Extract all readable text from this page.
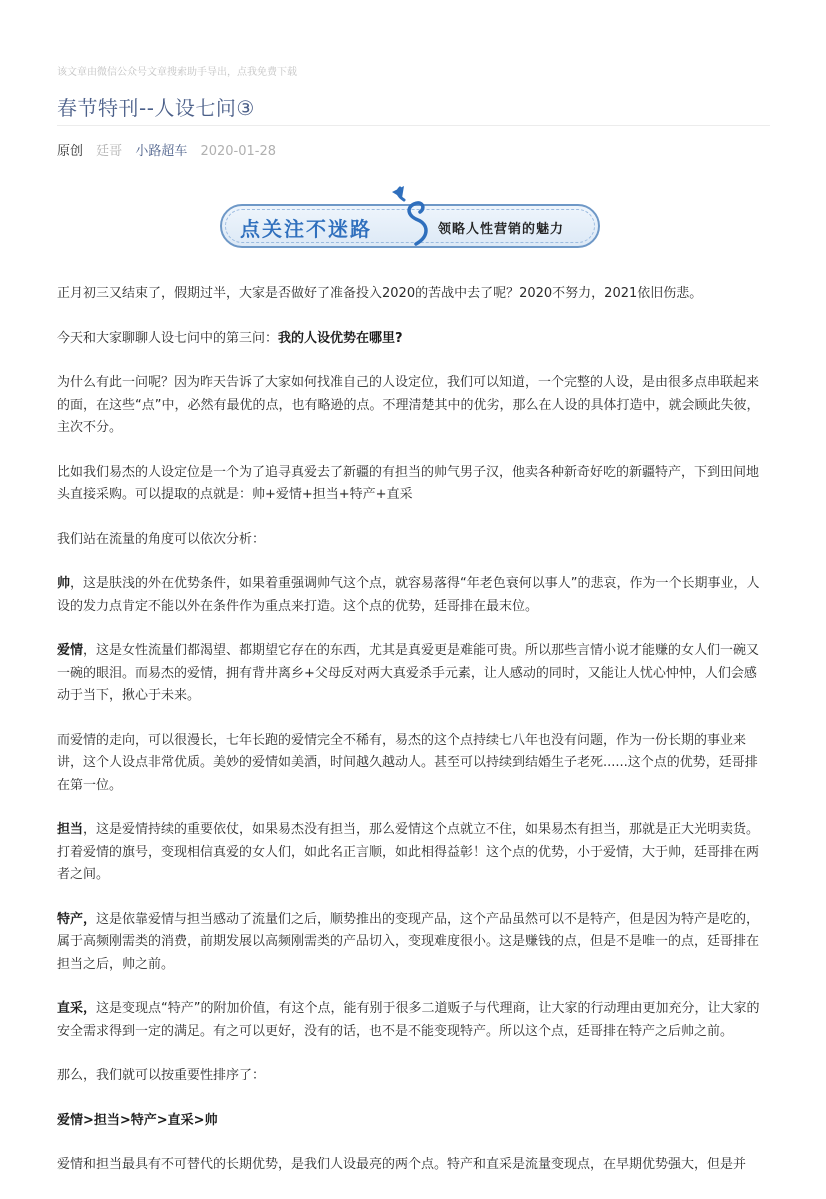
该文章由微信公众号文章搜索助手导出，点我免费下载
春节特刊--人设七问③
原创 廷哥 小路超车 2020-01-28
点关注不迷路	领略人性营销的魅力

正月初三又结束了，假期过半，大家是否做好了准备投入2020的苦战中去了呢？2020不努力，2021依旧伤悲。

今天和大家聊聊人设七问中的第三问：我的人设优势在哪里?

为什么有此一问呢？因为昨天告诉了大家如何找准自己的人设定位，我们可以知道，一个完整的人设，是由很多点串联起来的面，在这些“点”中，必然有最优的点，也有略逊的点。不理清楚其中的优劣，那么在人设的具体打造中，就会顾此失彼，主次不分。

比如我们易杰的人设定位是一个为了追寻真爱去了新疆的有担当的帅气男子汉，他卖各种新奇好吃的新疆特产，下到田间地头直接采购。可以提取的点就是：帅+爱情+担当+特产+直采

我们站在流量的角度可以依次分析：

帅，这是肤浅的外在优势条件，如果着重强调帅气这个点，就容易落得“年老色衰何以事人”的悲哀，作为一个长期事业，人设的发力点肯定不能以外在条件作为重点来打造。这个点的优势，廷哥排在最末位。

爱情，这是女性流量们都渴望、都期望它存在的东西，尤其是真爱更是难能可贵。所以那些言情小说才能赚的女人们一碗又一碗的眼泪。而易杰的爱情，拥有背井离乡+父母反对两大真爱杀手元素，让人感动的同时，又能让人忧心忡忡，人们会感动于当下，揪心于未来。

而爱情的走向，可以很漫长，七年长跑的爱情完全不稀有，易杰的这个点持续七八年也没有问题，作为一份长期的事业来讲，这个人设点非常优质。美妙的爱情如美酒，时间越久越动人。甚至可以持续到结婚生子老死......这个点的优势，廷哥排在第一位。

担当，这是爱情持续的重要依仗，如果易杰没有担当，那么爱情这个点就立不住，如果易杰有担当，那就是正大光明卖货。打着爱情的旗号，变现相信真爱的女人们，如此名正言顺，如此相得益彰！这个点的优势，小于爱情，大于帅，廷哥排在两者之间。

特产，这是依靠爱情与担当感动了流量们之后，顺势推出的变现产品，这个产品虽然可以不是特产，但是因为特产是吃的，属于高频刚需类的消费，前期发展以高频刚需类的产品切入，变现难度很小。这是赚钱的点，但是不是唯一的点，廷哥排在担当之后，帅之前。

直采，这是变现点“特产”的附加价值，有这个点，能有别于很多二道贩子与代理商，让大家的行动理由更加充分，让大家的安全需求得到一定的满足。有之可以更好，没有的话，也不是不能变现特产。所以这个点，廷哥排在特产之后帅之前。

那么，我们就可以按重要性排序了：

爱情>担当>特产>直采>帅

爱情和担当最具有不可替代的长期优势，是我们人设最亮的两个点。特产和直采是流量变现点，在早期优势强大，但是并
